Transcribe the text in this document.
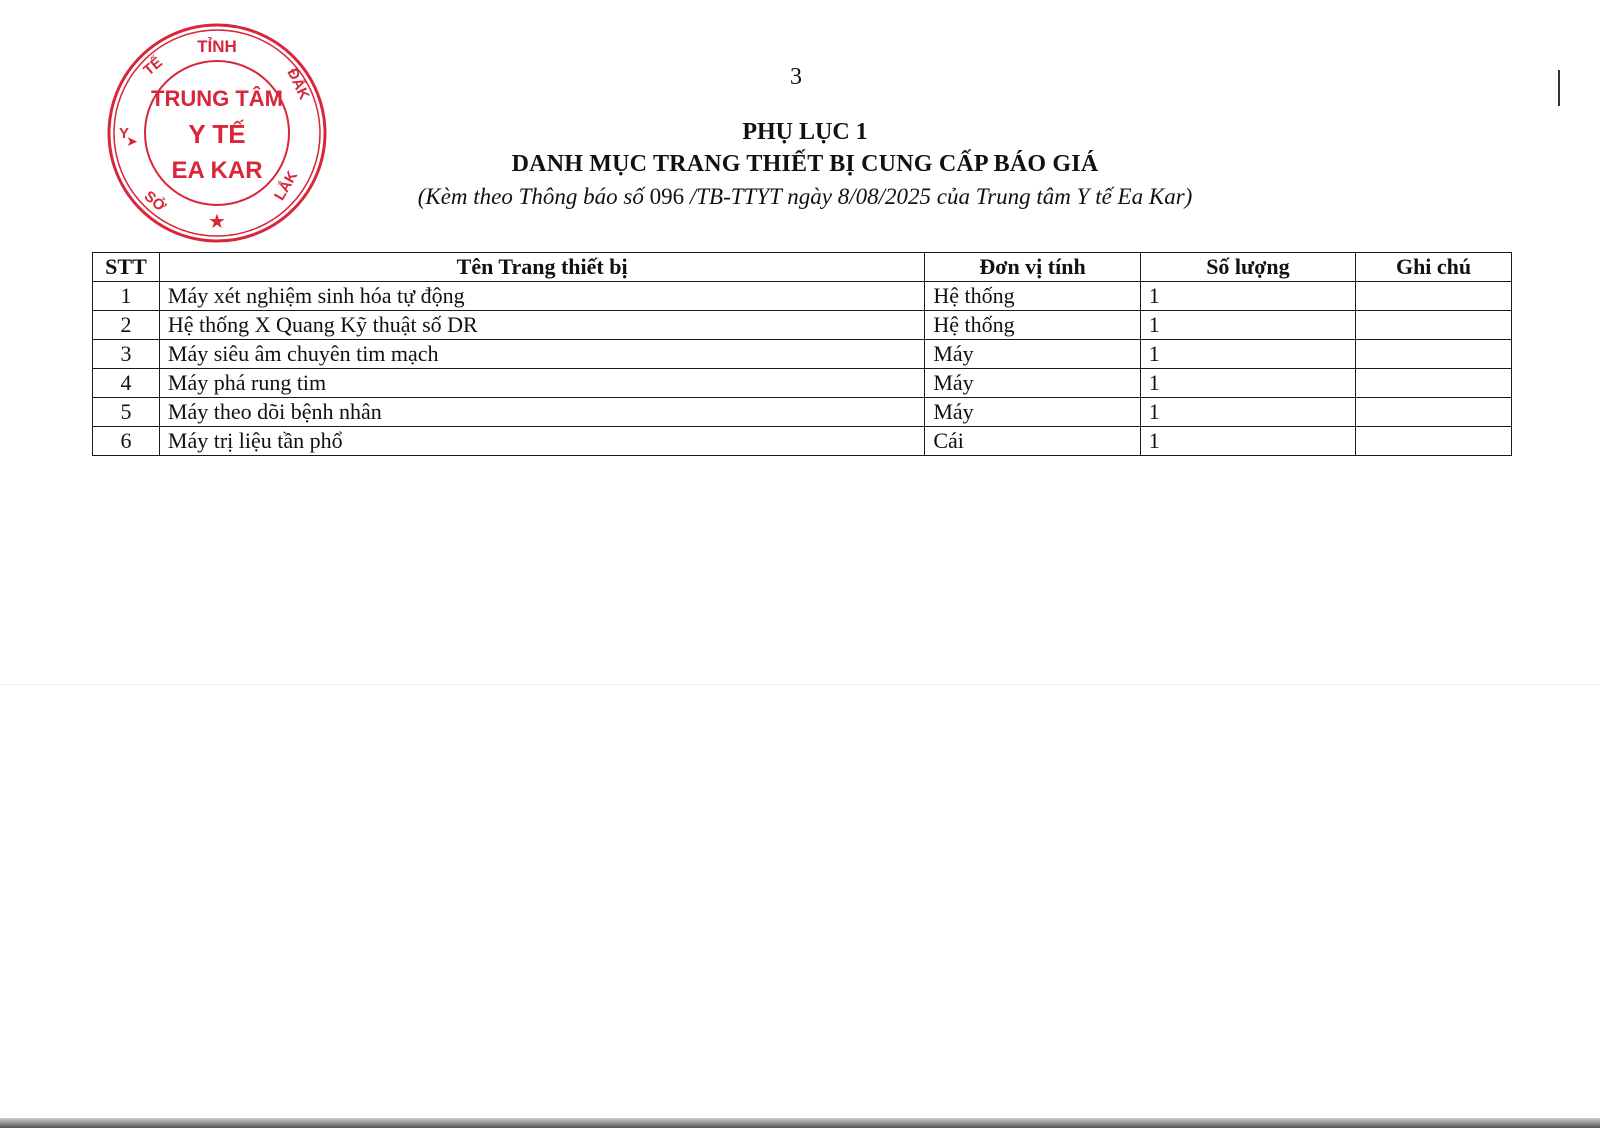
TỈNH
TẾ
Y
SỞ
ĐẮK
LẮK
➤
TRUNG TÂM
Y TẾ
EA KAR
★
3
PHỤ LỤC 1
DANH MỤC TRANG THIẾT BỊ CUNG CẤP BÁO GIÁ
(Kèm theo Thông báo số 096 /TB-TTYT ngày 8/08/2025 của Trung tâm Y tế Ea Kar)
STT	Tên Trang thiết bị	Đơn vị tính	Số lượng	Ghi chú
1	Máy xét nghiệm sinh hóa tự động	Hệ thống	1	
2	Hệ thống X Quang Kỹ thuật số DR	Hệ thống	1	
3	Máy siêu âm chuyên tim mạch	Máy	1	
4	Máy phá rung tim	Máy	1	
5	Máy theo dõi bệnh nhân	Máy	1	
6	Máy trị liệu tần phổ	Cái	1	
